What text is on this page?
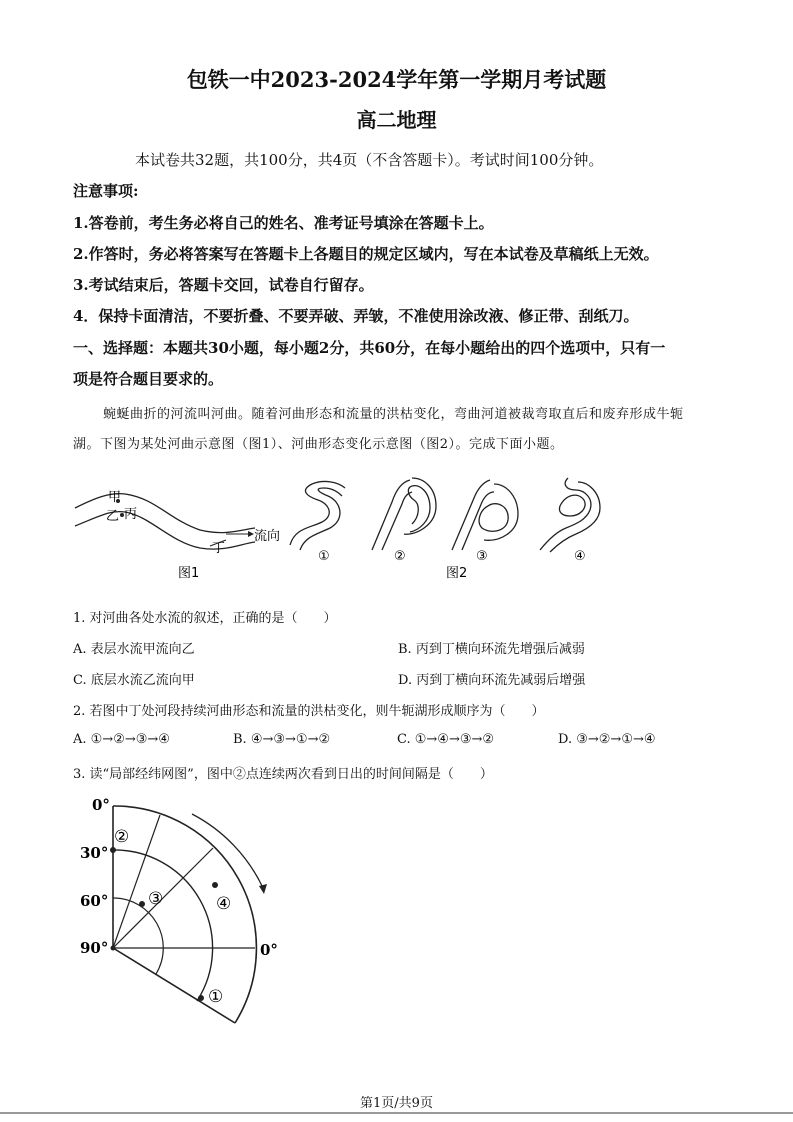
包铁一中2023-2024学年第一学期月考试题
高二地理
本试卷共32题，共100分，共4页（不含答题卡）。考试时间100分钟。
注意事项:
1.答卷前，考生务必将自己的姓名、准考证号填涂在答题卡上。
2.作答时，务必将答案写在答题卡上各题目的规定区域内，写在本试卷及草稿纸上无效。
3.考试结束后，答题卡交回，试卷自行留存。
4．保持卡面清洁，不要折叠、不要弄破、弄皱，不准使用涂改液、修正带、刮纸刀。
一、选择题：本题共30小题，每小题2分，共60分，在每小题给出的四个选项中，只有一
项是符合题目要求的。
蜿蜒曲折的河流叫河曲。随着河曲形态和流量的洪枯变化，弯曲河道被裁弯取直后和废弃形成牛轭
湖。下图为某处河曲示意图（图1）、河曲形态变化示意图（图2）。完成下面小题。
甲
乙 丙
丁
流向
图1
①	②	③	④
图2
1. 对河曲各处水流的叙述，正确的是（　　）
A. 表层水流甲流向乙	B. 丙到丁横向环流先增强后减弱
C. 底层水流乙流向甲	D. 丙到丁横向环流先减弱后增强
2. 若图中丁处河段持续河曲形态和流量的洪枯变化，则牛轭湖形成顺序为（　　）
A. ①→②→③→④	B. ④→③→①→②	C. ①→④→③→②	D. ③→②→①→④
3. 读“局部经纬网图”，图中②点连续两次看到日出的时间间隔是（　　）
0°
30°
60°
90°	0°
②
③	④
①
第1页/共9页
